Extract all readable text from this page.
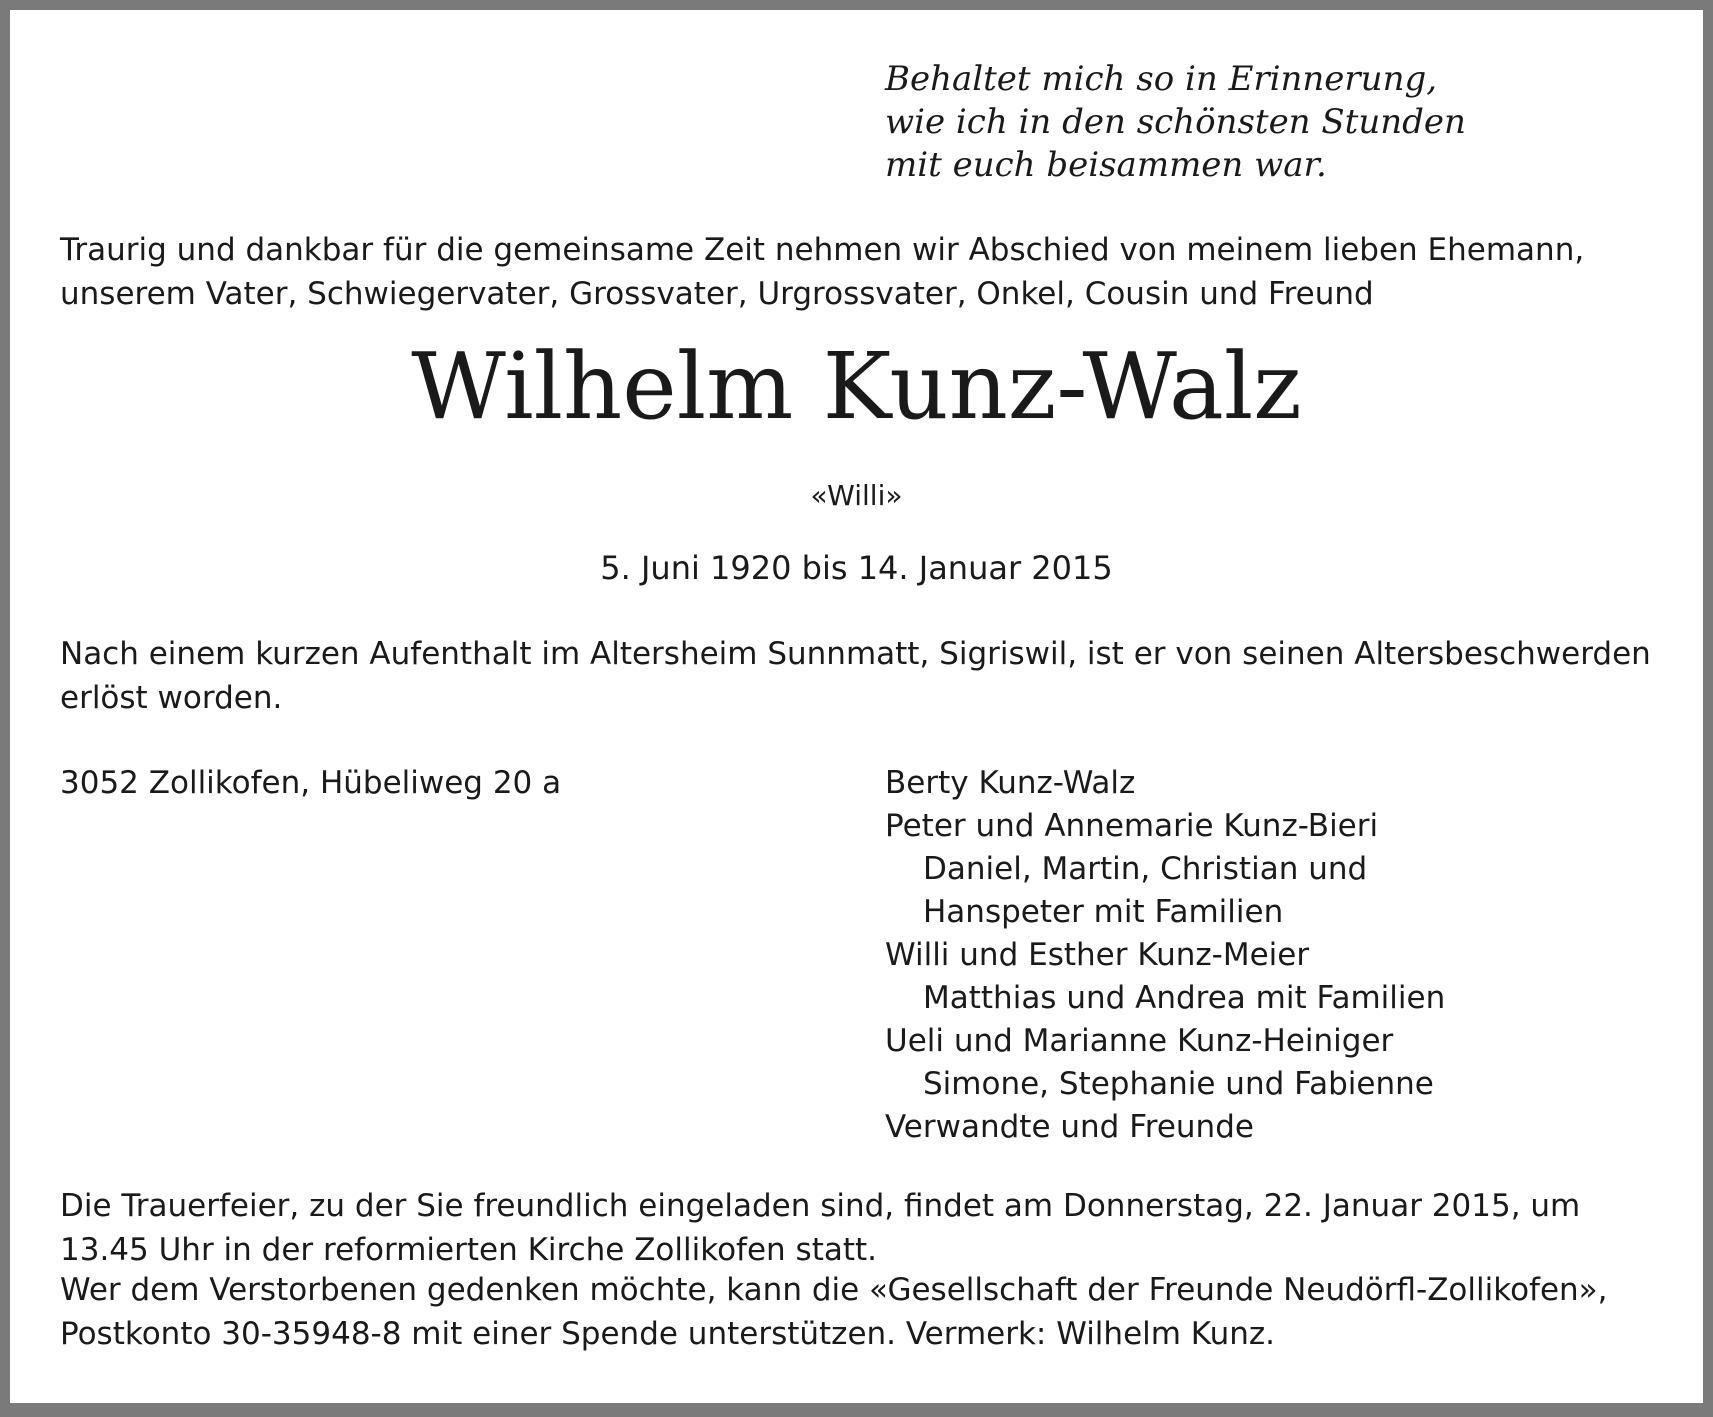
Behaltet mich so in Erinnerung,
wie ich in den schönsten Stunden
mit euch beisammen war.
Traurig und dankbar für die gemeinsame Zeit nehmen wir Abschied von meinem lieben Ehemann, unserem Vater, Schwiegervater, Grossvater, Urgrossvater, Onkel, Cousin und Freund
Wilhelm Kunz-Walz
«Willi»
5. Juni 1920 bis 14. Januar 2015
Nach einem kurzen Aufenthalt im Altersheim Sunnmatt, Sigriswil, ist er von seinen Altersbeschwerden erlöst worden.
3052 Zollikofen, Hübeliweg 20 a	Berty Kunz-Walz
Peter und Annemarie Kunz-Bieri
Daniel, Martin, Christian und
Hanspeter mit Familien
Willi und Esther Kunz-Meier
Matthias und Andrea mit Familien
Ueli und Marianne Kunz-Heiniger
Simone, Stephanie und Fabienne
Verwandte und Freunde
Die Trauerfeier, zu der Sie freundlich eingeladen sind, findet am Donnerstag, 22. Januar 2015, um 13.45 Uhr in der reformierten Kirche Zollikofen statt.
Wer dem Verstorbenen gedenken möchte, kann die «Gesellschaft der Freunde Neudörfl-Zollikofen», Postkonto 30-35948-8 mit einer Spende unterstützen. Vermerk: Wilhelm Kunz.
